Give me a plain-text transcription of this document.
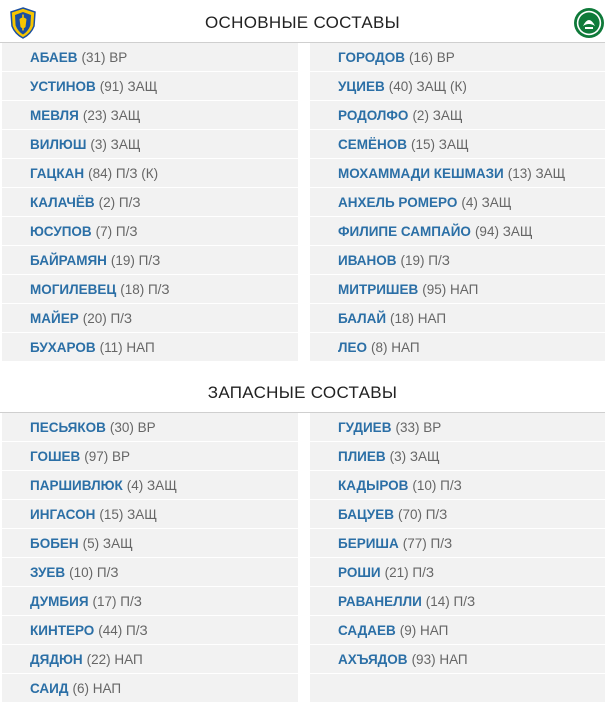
ОСНОВНЫЕ СОСТАВЫ
АБАЕВ (31) ВР
УСТИНОВ (91) ЗАЩ
МЕВЛЯ (23) ЗАЩ
ВИЛЮШ (3) ЗАЩ
ГАЦКАН (84) П/З (К)
КАЛАЧЁВ (2) П/З
ЮСУПОВ (7) П/З
БАЙРАМЯН (19) П/З
МОГИЛЕВЕЦ (18) П/З
МАЙЕР (20) П/З
БУХАРОВ (11) НАП
ГОРОДОВ (16) ВР
УЦИЕВ (40) ЗАЩ (К)
РОДОЛФО (2) ЗАЩ
СЕМЁНОВ (15) ЗАЩ
МОХАММАДИ КЕШМАЗИ (13) ЗАЩ
АНХЕЛЬ РОМЕРО (4) ЗАЩ
ФИЛИПЕ САМПАЙО (94) ЗАЩ
ИВАНОВ (19) П/З
МИТРИШЕВ (95) НАП
БАЛАЙ (18) НАП
ЛЕО (8) НАП
ЗАПАСНЫЕ СОСТАВЫ
ПЕСЬЯКОВ (30) ВР
ГОШЕВ (97) ВР
ПАРШИВЛЮК (4) ЗАЩ
ИНГАСОН (15) ЗАЩ
БОБЕН (5) ЗАЩ
ЗУЕВ (10) П/З
ДУМБИЯ (17) П/З
КИНТЕРО (44) П/З
ДЯДЮН (22) НАП
САИД (6) НАП
ГУДИЕВ (33) ВР
ПЛИЕВ (3) ЗАЩ
КАДЫРОВ (10) П/З
БАЦУЕВ (70) П/З
БЕРИША (77) П/З
РОШИ (21) П/З
РАВАНЕЛЛИ (14) П/З
САДАЕВ (9) НАП
АХЪЯДОВ (93) НАП
